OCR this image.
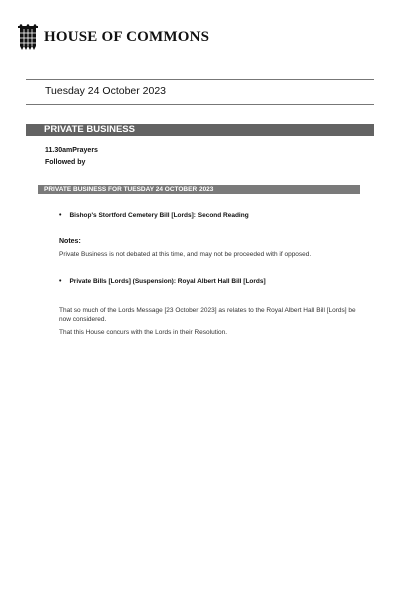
HOUSE OF COMMONS
Tuesday 24 October 2023
PRIVATE BUSINESS
11.30amPrayers
Followed by
PRIVATE BUSINESS FOR TUESDAY 24 OCTOBER 2023
• Bishop's Stortford Cemetery Bill [Lords]: Second Reading
Notes:
Private Business is not debated at this time, and may not be proceeded with if opposed.
• Private Bills [Lords] (Suspension): Royal Albert Hall Bill [Lords]
That so much of the Lords Message [23 October 2023] as relates to the Royal Albert Hall Bill [Lords] be now considered.
That this House concurs with the Lords in their Resolution.
